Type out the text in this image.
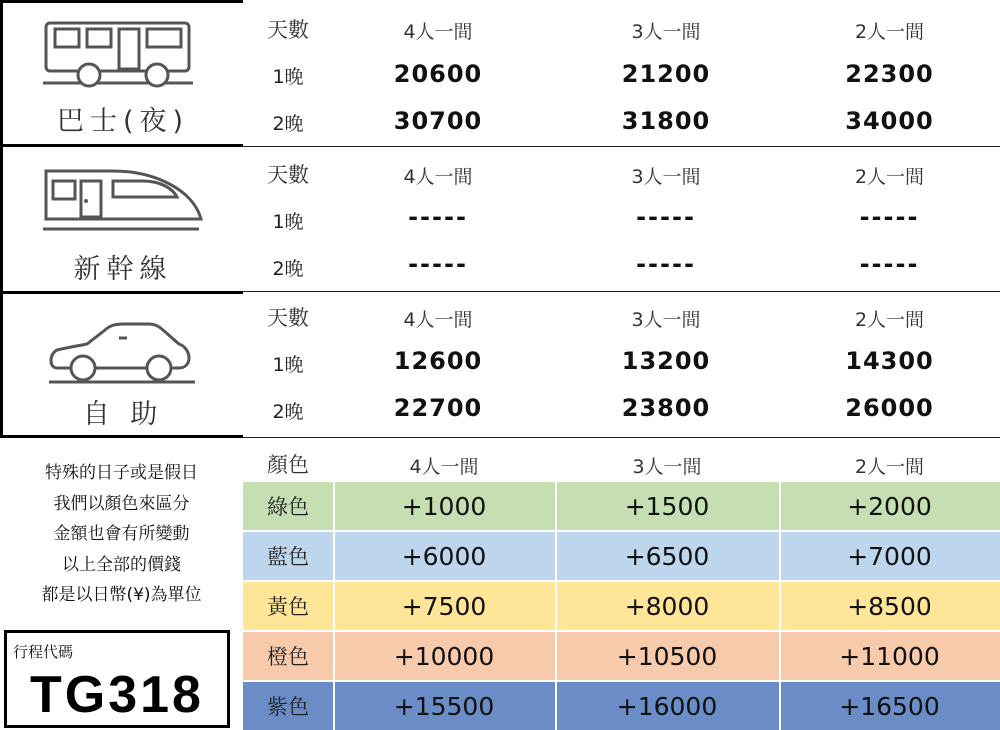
巴士(夜)
天數	4人一間	3人一間	2人一間
1晚	20600	21200	22300
2晚	30700	31800	34000
新幹線
天數	4人一間	3人一間	2人一間
1晚	-----	-----	-----
2晚	-----	-----	-----
自 助
天數	4人一間	3人一間	2人一間
1晚	12600	13200	14300
2晚	22700	23800	26000
顏色	4人一間	3人一間	2人一間
綠色	+1000	+1500	+2000
藍色	+6000	+6500	+7000
黃色	+7500	+8000	+8500
橙色	+10000	+10500	+11000
紫色	+15500	+16000	+16500
特殊的日子或是假日
我們以顏色來區分
金額也會有所變動
以上全部的價錢
都是以日幣(¥)為單位
行程代碼
TG318
